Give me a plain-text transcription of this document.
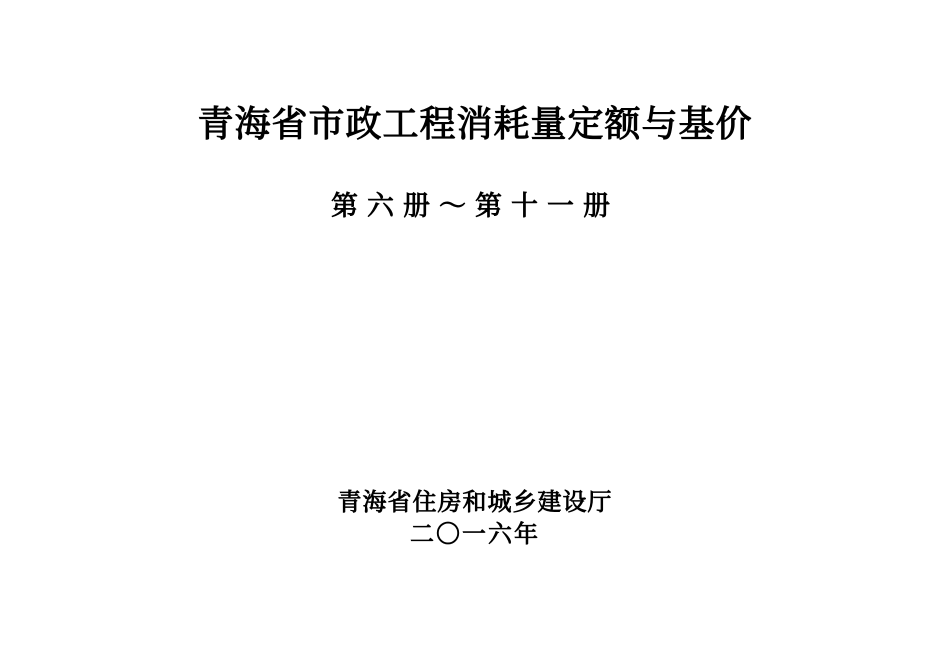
青海省市政工程消耗量定额与基价
第六册～第十一册
青海省住房和城乡建设厅
二〇一六年
